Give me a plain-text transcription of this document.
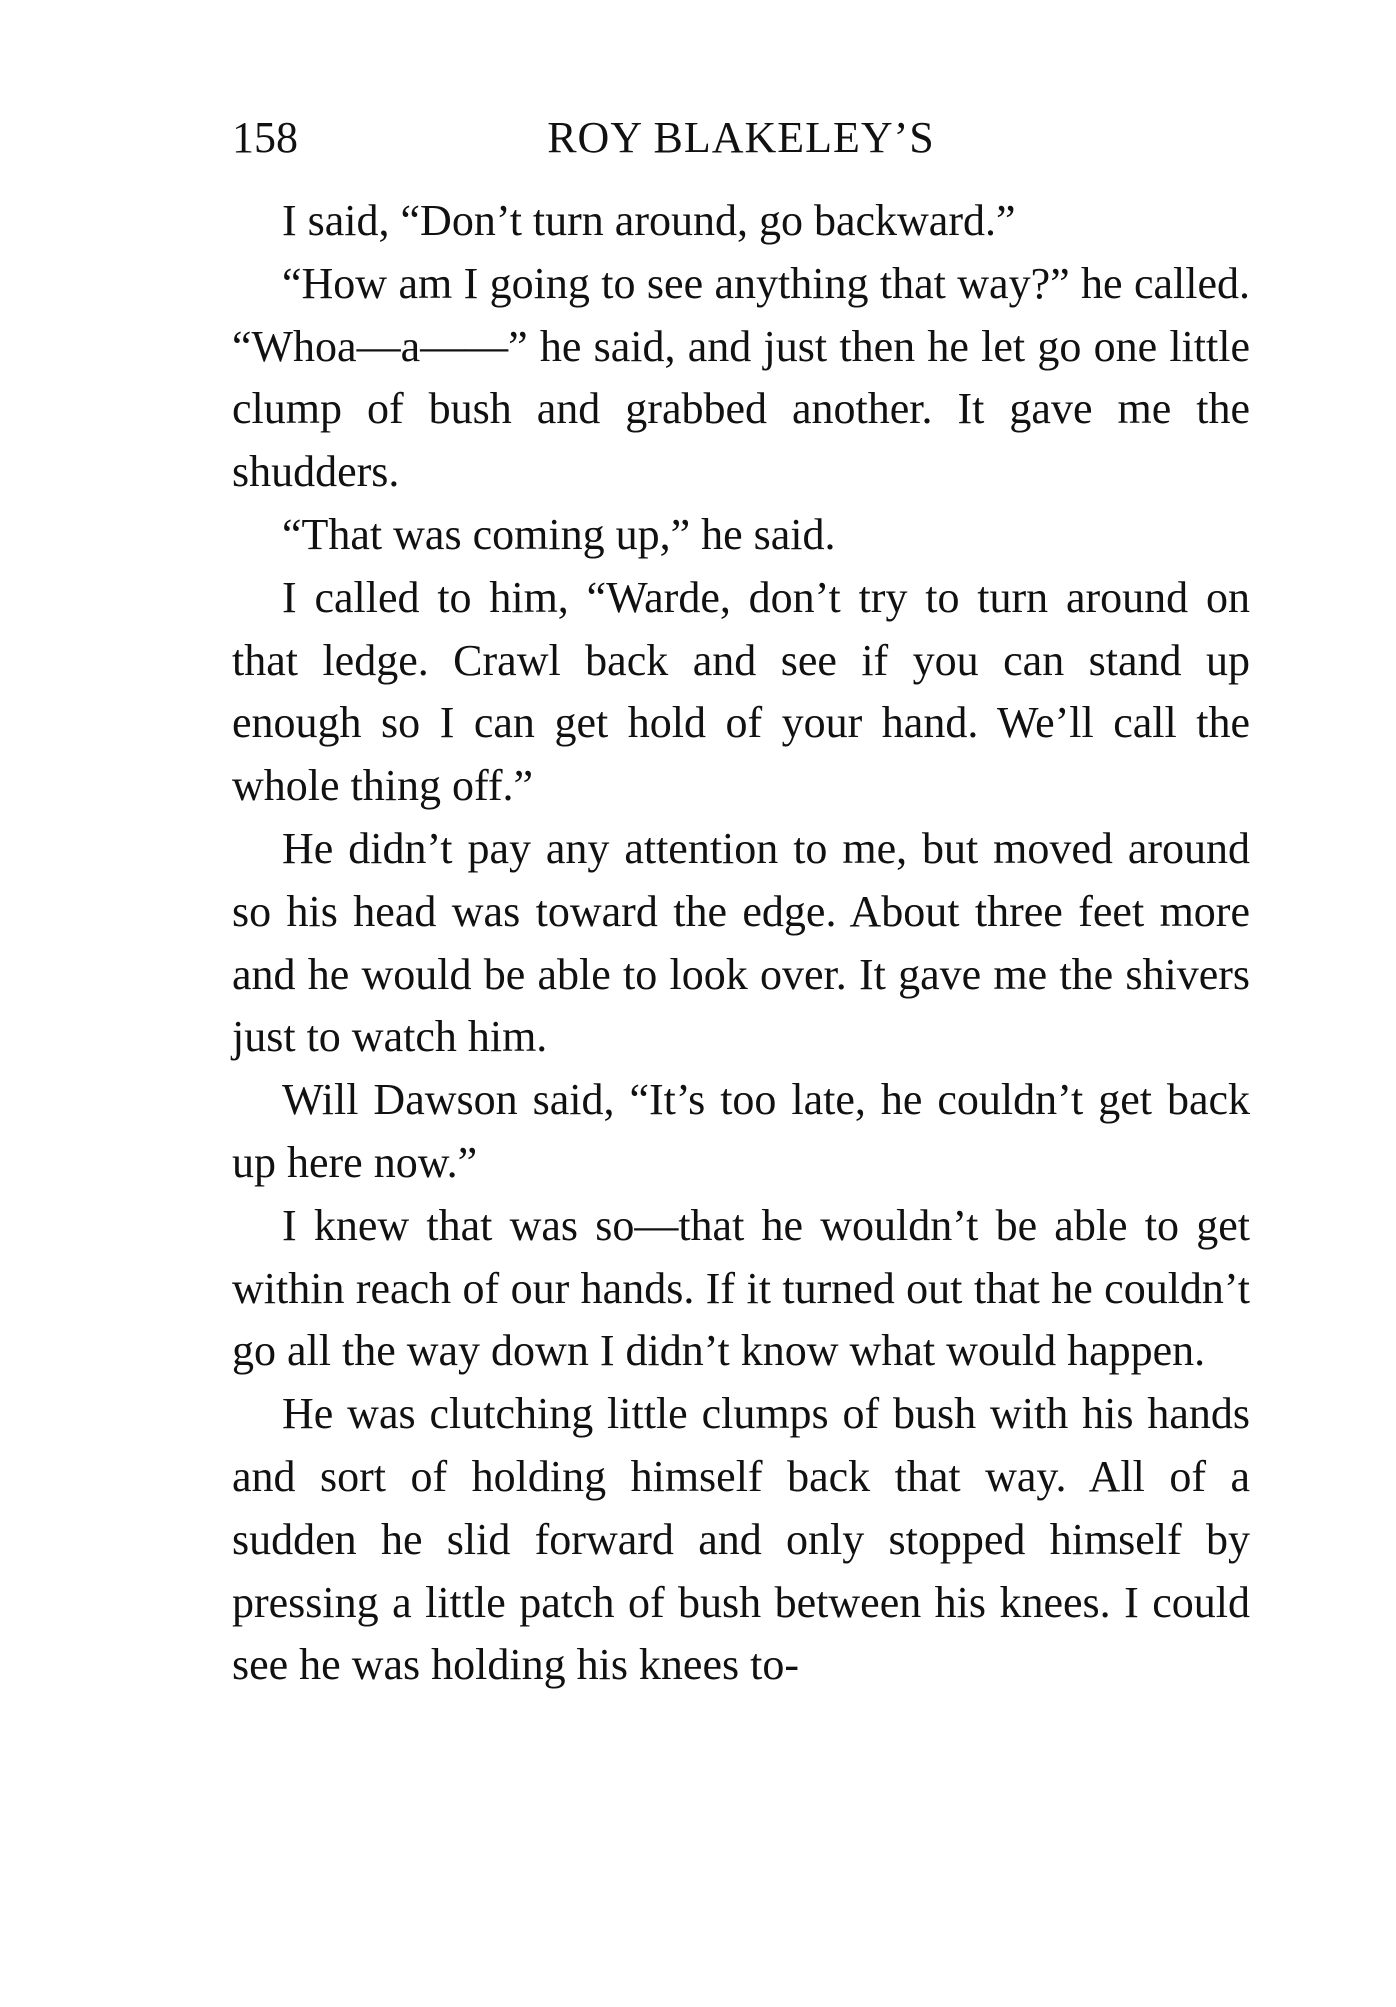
158	ROY BLAKELEY’S

I said, “Don’t turn around, go backward.”

“How am I going to see anything that way?” he called. “Whoa—a——” he said, and just then he let go one little clump of bush and grabbed another. It gave me the shudders.

“That was coming up,” he said.

I called to him, “Warde, don’t try to turn around on that ledge. Crawl back and see if you can stand up enough so I can get hold of your hand. We’ll call the whole thing off.”

He didn’t pay any attention to me, but moved around so his head was toward the edge. About three feet more and he would be able to look over. It gave me the shivers just to watch him.

Will Dawson said, “It’s too late, he couldn’t get back up here now.”

I knew that was so—that he wouldn’t be able to get within reach of our hands. If it turned out that he couldn’t go all the way down I didn’t know what would happen.

He was clutching little clumps of bush with his hands and sort of holding himself back that way. All of a sudden he slid forward and only stopped himself by pressing a little patch of bush between his knees. I could see he was holding his knees to-
